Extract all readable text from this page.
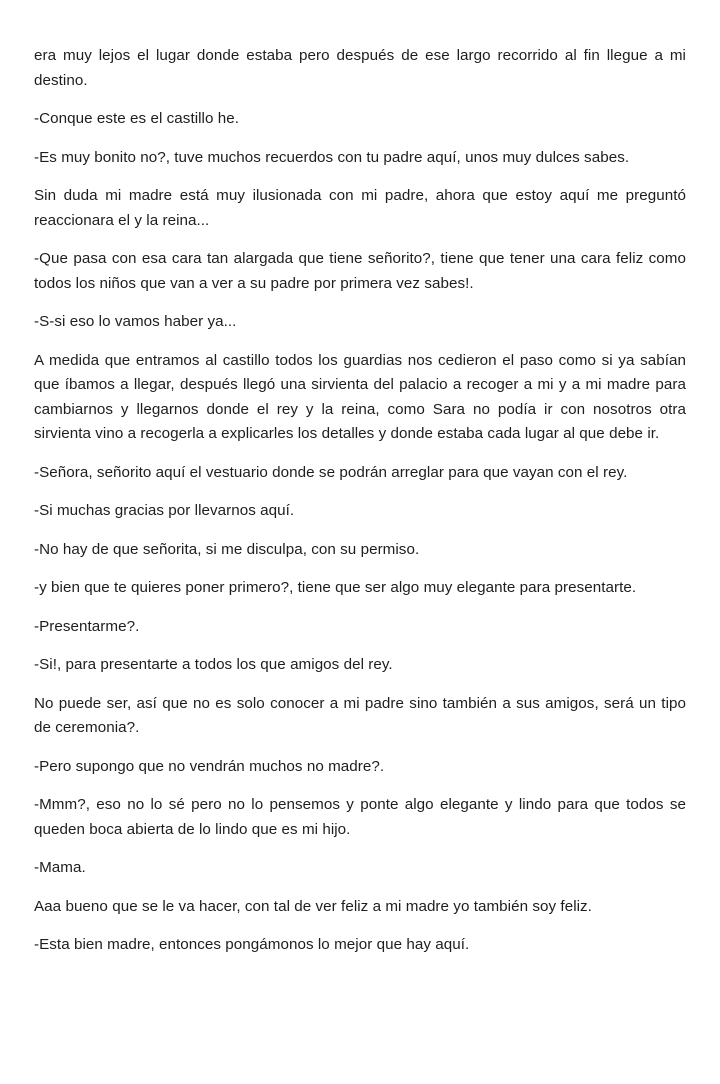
era muy lejos el lugar donde estaba pero después de ese largo recorrido al fin llegue a mi destino.

-Conque este es el castillo he.

-Es muy bonito no?, tuve muchos recuerdos con tu padre aquí, unos muy dulces sabes.

Sin duda mi madre está muy ilusionada con mi padre, ahora que estoy aquí me preguntó reaccionara el y la reina...

-Que pasa con esa cara tan alargada que tiene señorito?, tiene que tener una cara feliz como todos los niños que van a ver a su padre por primera vez sabes!.

-S-si eso lo vamos haber ya...

A medida que entramos al castillo todos los guardias nos cedieron el paso como si ya sabían que íbamos a llegar, después llegó una sirvienta del palacio a recoger a mi y a mi madre para cambiarnos y llegarnos donde el rey y la reina, como Sara no podía ir con nosotros otra sirvienta vino a recogerla a explicarles los detalles y donde estaba cada lugar al que debe ir.

-Señora, señorito aquí el vestuario donde se podrán arreglar para que vayan con el rey.

-Si muchas gracias por llevarnos aquí.

-No hay de que señorita, si me disculpa, con su permiso.

-y bien que te quieres poner primero?, tiene que ser algo muy elegante para presentarte.

-Presentarme?.

-Si!, para presentarte a todos los que amigos del rey.

No puede ser, así que no es solo conocer a mi padre sino también a sus amigos, será un tipo de ceremonia?.

-Pero supongo que no vendrán muchos no madre?.

-Mmm?, eso no lo sé pero no lo pensemos y ponte algo elegante y lindo para que todos se queden boca abierta de lo lindo que es mi hijo.

-Mama.

Aaa bueno que se le va hacer, con tal de ver feliz a mi madre yo también soy feliz.

-Esta bien madre, entonces pongámonos lo mejor que hay aquí.
